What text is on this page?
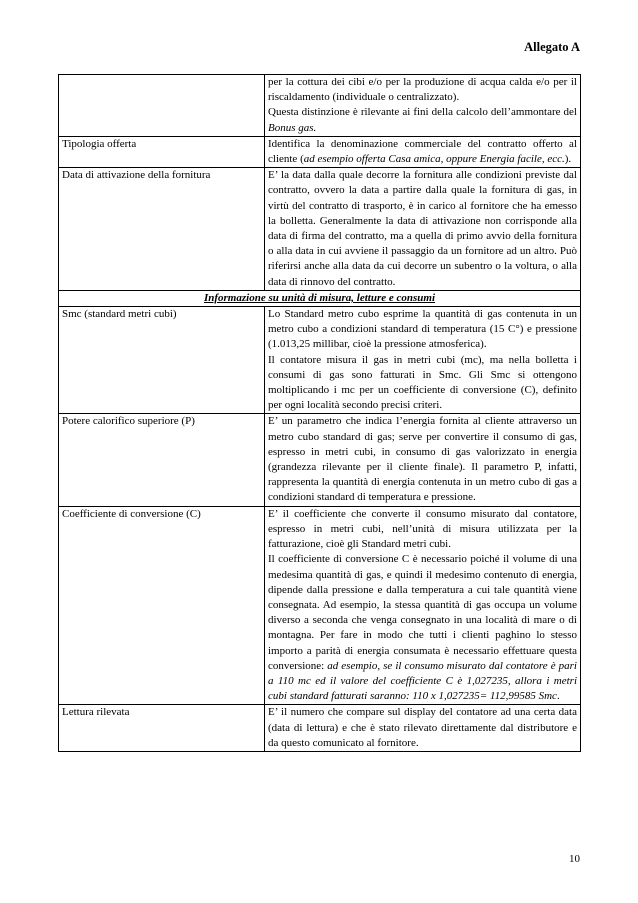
Allegato A

	per la cottura dei cibi e/o per la produzione di acqua calda e/o per il riscaldamento (individuale o centralizzato).
Questa distinzione è rilevante ai fini della calcolo dell’ammontare del Bonus gas.

Tipologia offerta	Identifica la denominazione commerciale del contratto offerto al cliente (ad esempio offerta Casa amica, oppure Energia facile, ecc.).

Data di attivazione della fornitura	E’ la data dalla quale decorre la fornitura alle condizioni previste dal contratto, ovvero la data a partire dalla quale la fornitura di gas, in virtù del contratto di trasporto, è in carico al fornitore che ha emesso la bolletta. Generalmente la data di attivazione non corrisponde alla data di firma del contratto, ma a quella di primo avvio della fornitura o alla data in cui avviene il passaggio da un fornitore ad un altro. Può riferirsi anche alla data da cui decorre un subentro o la voltura, o alla data di rinnovo del contratto.

Informazione su unità di misura, letture e consumi	
Smc (standard metri cubi)	Lo Standard metro cubo esprime la quantità di gas contenuta in un metro cubo a condizioni standard di temperatura (15 C°) e pressione (1.013,25 millibar, cioè la pressione atmosferica).
Il contatore misura il gas in metri cubi (mc), ma nella bolletta i consumi di gas sono fatturati in Smc. Gli Smc si ottengono moltiplicando i mc per un coefficiente di conversione (C), definito per ogni località secondo precisi criteri.

Potere calorifico superiore (P)	E’ un parametro che indica l’energia fornita al cliente attraverso un metro cubo standard di gas; serve per convertire il consumo di gas, espresso in metri cubi, in consumo di gas valorizzato in energia (grandezza rilevante per il cliente finale). Il parametro P, infatti, rappresenta la quantità di energia contenuta in un metro cubo di gas a condizioni standard di temperatura e pressione.

Coefficiente di conversione (C)	E’ il coefficiente che converte il consumo misurato dal contatore, espresso in metri cubi, nell’unità di misura utilizzata per la fatturazione, cioè gli Standard metri cubi.
Il coefficiente di conversione C è necessario poiché il volume di una medesima quantità di gas, e quindi il medesimo contenuto di energia, dipende dalla pressione e dalla temperatura a cui tale quantità viene consegnata. Ad esempio, la stessa quantità di gas occupa un volume diverso a seconda che venga consegnato in una località di mare o di montagna. Per fare in modo che tutti i clienti paghino lo stesso importo a parità di energia consumata è necessario effettuare questa conversione: ad esempio, se il consumo misurato dal contatore è pari a 110 mc ed il valore del coefficiente C è 1,027235, allora i metri cubi standard fatturati saranno: 110 x 1,027235= 112,99585 Smc.

Lettura rilevata	E’ il numero che compare sul display del contatore ad una certa data (data di lettura) e che è stato rilevato direttamente dal distributore e da questo comunicato al fornitore.
10
